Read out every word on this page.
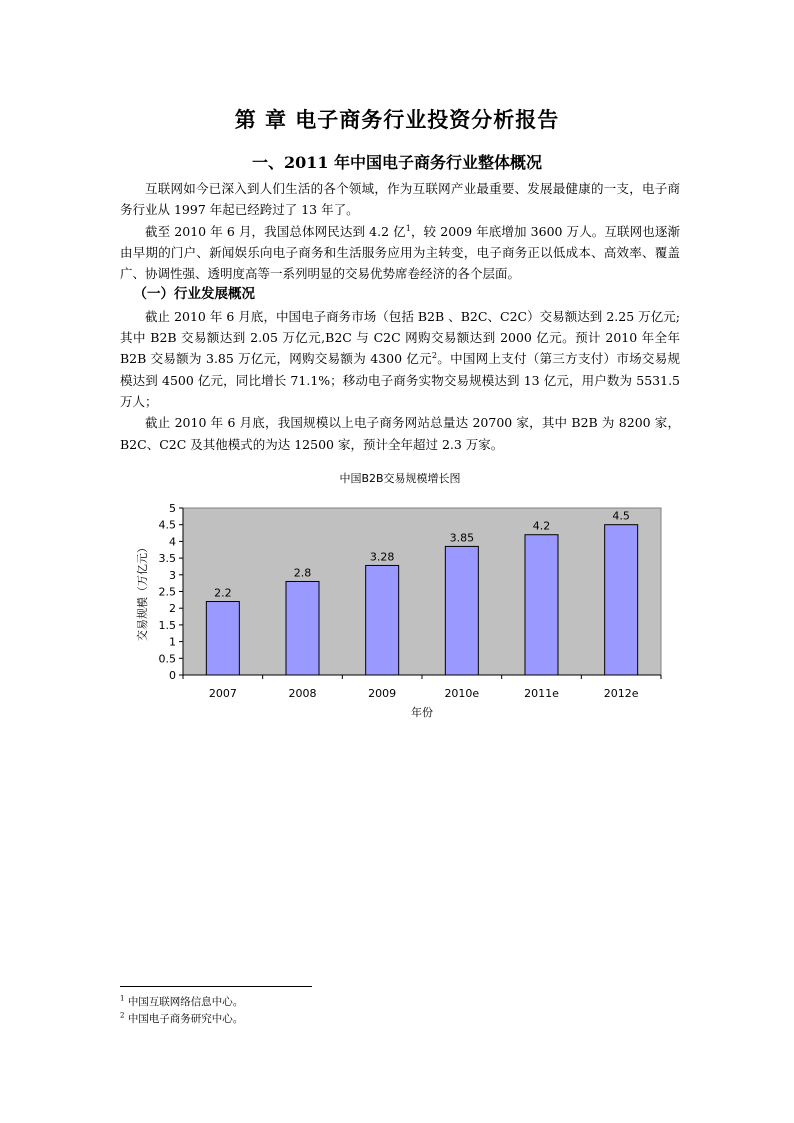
第 章 电子商务行业投资分析报告
一、2011 年中国电子商务行业整体概况

互联网如今已深入到人们生活的各个领域，作为互联网产业最重要、发展最健康的一支，电子商务行业从 1997 年起已经跨过了 13 年了。

截至 2010 年 6 月，我国总体网民达到 4.2 亿$^1$，较 2009 年底增加 3600 万人。互联网也逐渐由早期的门户、新闻娱乐向电子商务和生活服务应用为主转变，电子商务正以低成本、高效率、覆盖广、协调性强、透明度高等一系列明显的交易优势席卷经济的各个层面。

（一）行业发展概况

截止 2010 年 6 月底，中国电子商务市场（包括 B2B 、B2C、C2C）交易额达到 2.25 万亿元;其中 B2B 交易额达到 2.05 万亿元,B2C 与 C2C 网购交易额达到 2000 亿元。预计 2010 年全年 B2B 交易额为 3.85 万亿元，网购交易额为 4300 亿元$^2$。中国网上支付（第三方支付）市场交易规模达到 4500 亿元，同比增长 71.1%；移动电子商务实物交易规模达到 13 亿元，用户数为 5531.5 万人；

截止 2010 年 6 月底，我国规模以上电子商务网站总量达 20700 家，其中 B2B 为 8200 家，B2C、C2C 及其他模式的为达 12500 家，预计全年超过 2.3 万家。

中国B2B交易规模增长图
0
0.5
1
1.5
2
2.5
3
3.5
4
4.5
5
2.2
2007
2.8
2008
3.28
2009
3.85
2010e
4.2
2011e
4.5
2012e
年份
交易规模（万亿元）
$^1$ 中国互联网络信息中心。
$^2$ 中国电子商务研究中心。
